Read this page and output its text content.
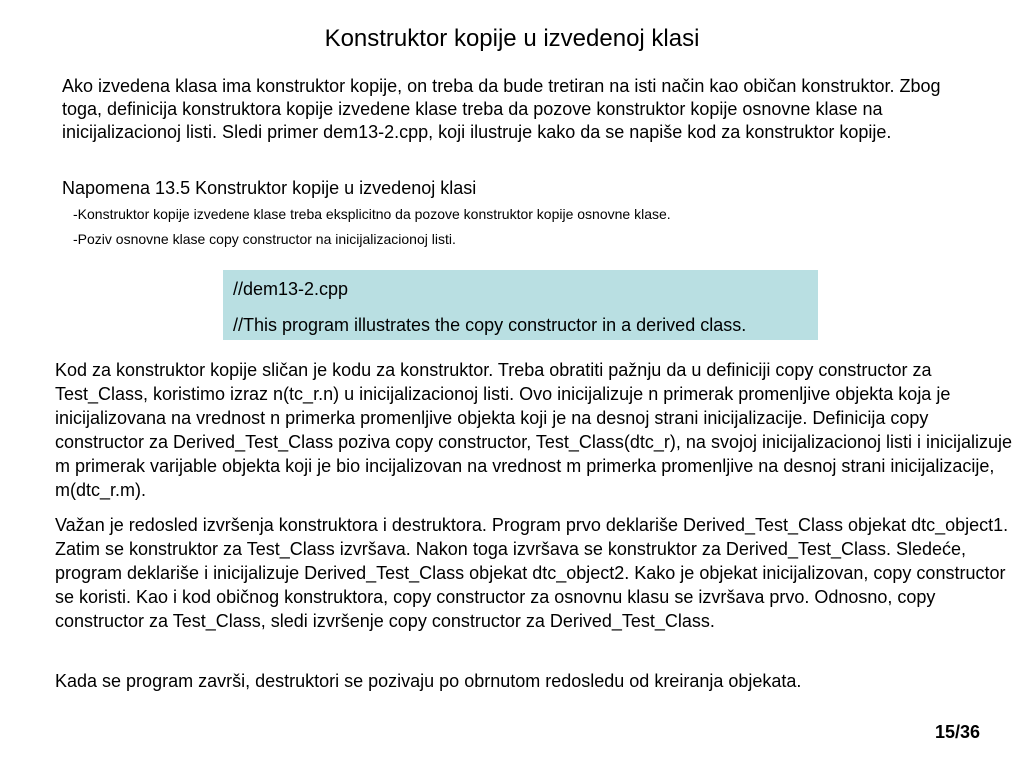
Konstruktor kopije u izvedenoj klasi

Ako izvedena klasa ima konstruktor kopije, on treba da bude tretiran na isti način kao običan konstruktor. Zbog toga, definicija konstruktora kopije izvedene klase treba da pozove konstruktor kopije osnovne klase na inicijalizacionoj listi. Sledi primer dem13-2.cpp, koji ilustruje kako da se napiše kod za konstruktor kopije.

Napomena 13.5 Konstruktor kopije u izvedenoj klasi

-Konstruktor kopije izvedene klase treba eksplicitno da pozove konstruktor kopije osnovne klase.

-Poziv osnovne klase copy constructor na inicijalizacionoj listi.

//dem13-2.cpp
//This program illustrates the copy constructor in a derived class.

Kod za konstruktor kopije sličan je kodu za konstruktor. Treba obratiti pažnju da u definiciji copy constructor za Test_Class, koristimo izraz n(tc_r.n) u inicijalizacionoj listi. Ovo inicijalizuje n primerak promenljive objekta koja je inicijalizovana na vrednost n primerka promenljive objekta koji je na desnoj strani inicijalizacije. Definicija copy constructor za Derived_Test_Class poziva copy constructor, Test_Class(dtc_r), na svojoj inicijalizacionoj listi i inicijalizuje m primerak varijable objekta koji je bio incijalizovan na vrednost m primerka promenljive na desnoj strani inicijalizacije, m(dtc_r.m).

Važan je redosled izvršenja konstruktora i destruktora. Program prvo deklariše Derived_Test_Class objekat dtc_object1. Zatim se konstruktor za Test_Class izvršava. Nakon toga izvršava se konstruktor za Derived_Test_Class. Sledeće, program deklariše i inicijalizuje Derived_Test_Class objekat dtc_object2. Kako je objekat inicijalizovan, copy constructor se koristi. Kao i kod običnog konstruktora, copy constructor za osnovnu klasu se izvršava prvo. Odnosno, copy constructor za Test_Class, sledi izvršenje copy constructor za Derived_Test_Class.

Kada se program završi, destruktori se pozivaju po obrnutom redosledu od kreiranja objekata.

15/36
